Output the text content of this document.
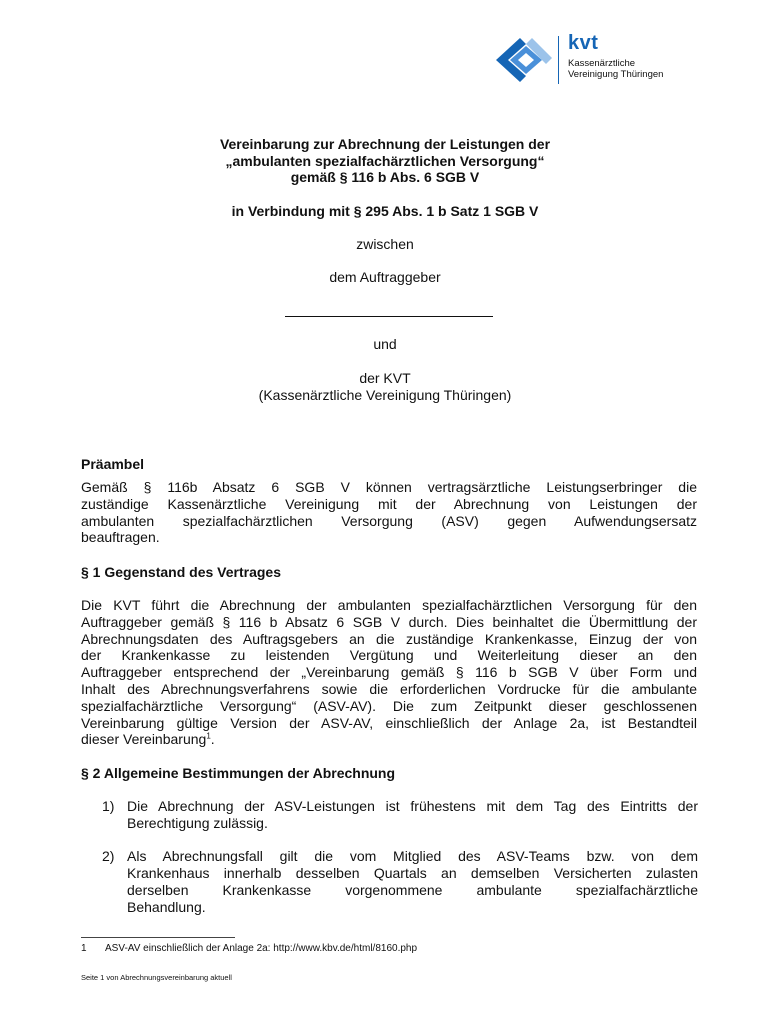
kvt
Kassenärztliche
Vereinigung Thüringen
Vereinbarung zur Abrechnung der Leistungen der
„ambulanten spezialfachärztlichen Versorgung“
gemäß § 116 b Abs. 6 SGB V
in Verbindung mit § 295 Abs. 1 b Satz 1 SGB V
zwischen
dem Auftraggeber
und
der KVT
(Kassenärztliche Vereinigung Thüringen)
Präambel
Gemäß § 116b Absatz 6 SGB V können vertragsärztliche Leistungserbringer die
zuständige Kassenärztliche Vereinigung mit der Abrechnung von Leistungen der
ambulanten spezialfachärztlichen Versorgung (ASV) gegen Aufwendungsersatz
beauftragen.
§ 1 Gegenstand des Vertrages
Die KVT führt die Abrechnung der ambulanten spezialfachärztlichen Versorgung für den
Auftraggeber gemäß § 116 b Absatz 6 SGB V durch. Dies beinhaltet die Übermittlung der
Abrechnungsdaten des Auftragsgebers an die zuständige Krankenkasse, Einzug der von
der Krankenkasse zu leistenden Vergütung und Weiterleitung dieser an den
Auftraggeber entsprechend der „Vereinbarung gemäß § 116 b SGB V über Form und
Inhalt des Abrechnungsverfahrens sowie die erforderlichen Vordrucke für die ambulante
spezialfachärztliche Versorgung“ (ASV-AV). Die zum Zeitpunkt dieser geschlossenen
Vereinbarung gültige Version der ASV-AV, einschließlich der Anlage 2a, ist Bestandteil
dieser Vereinbarung$^1$.
§ 2 Allgemeine Bestimmungen der Abrechnung
1) Die Abrechnung der ASV-Leistungen ist frühestens mit dem Tag des Eintritts der
Berechtigung zulässig.
2) Als Abrechnungsfall gilt die vom Mitglied des ASV-Teams bzw. von dem
Krankenhaus innerhalb desselben Quartals an demselben Versicherten zulasten
derselben Krankenkasse vorgenommene ambulante spezialfachärztliche
Behandlung.
1 ASV-AV einschließlich der Anlage 2a: http://www.kbv.de/html/8160.php
Seite 1 von Abrechnungsvereinbarung aktuell
